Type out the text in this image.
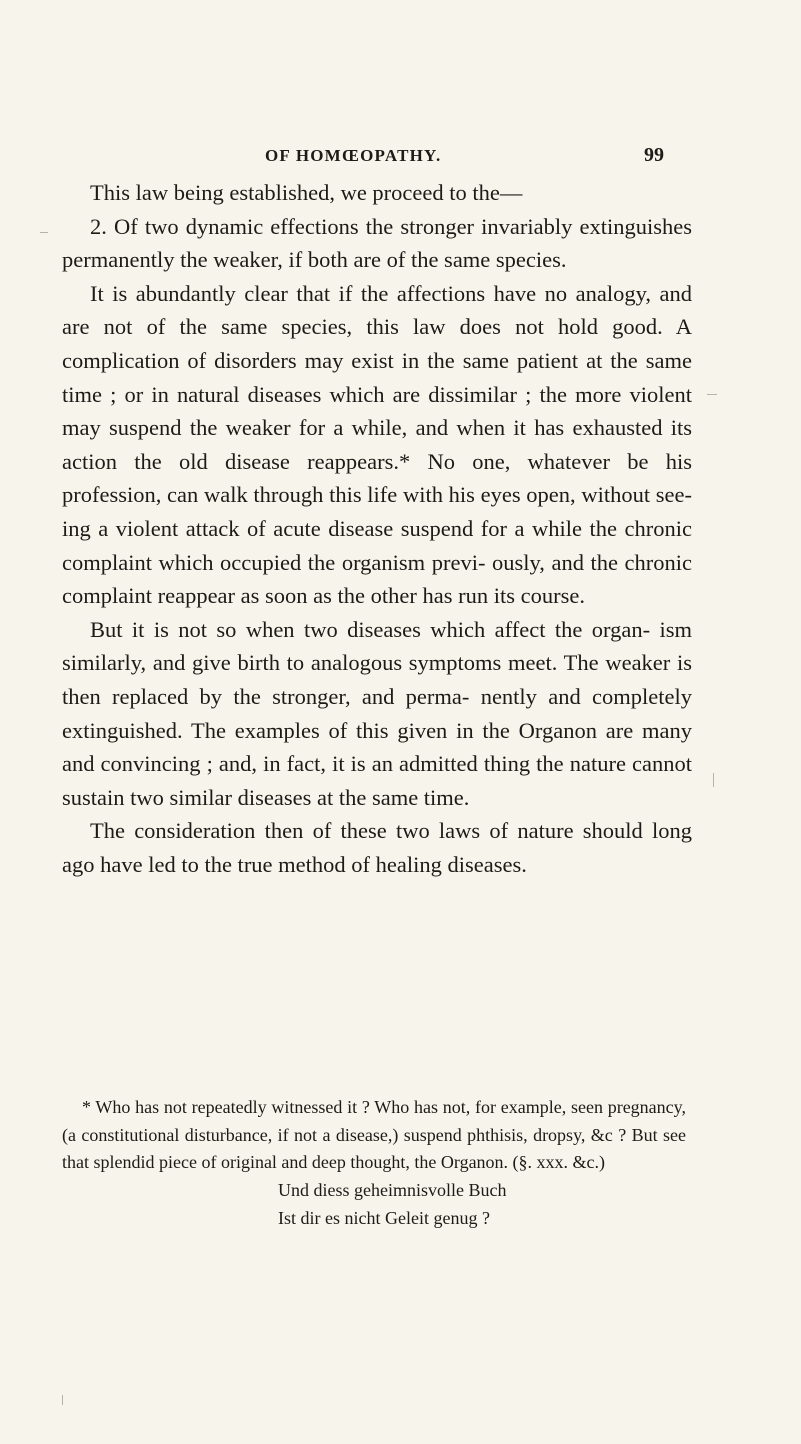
OF HOMŒOPATHY.	99

This law being established, we proceed to the—

2. Of two dynamic effections the stronger invariably extinguishes permanently the weaker, if both are of the same species.

It is abundantly clear that if the affections have no analogy, and are not of the same species, this law does not hold good. A complication of disorders may exist in the same patient at the same time ; or in natural diseases which are dissimilar ; the more violent may suspend the weaker for a while, and when it has exhausted its action the old disease reappears.* No one, whatever be his profession, can walk through this life with his eyes open, without see- ing a violent attack of acute disease suspend for a while the chronic complaint which occupied the organism previ- ously, and the chronic complaint reappear as soon as the other has run its course.

But it is not so when two diseases which affect the organ- ism similarly, and give birth to analogous symptoms meet. The weaker is then replaced by the stronger, and perma- nently and completely extinguished. The examples of this given in the Organon are many and convincing ; and, in fact, it is an admitted thing the nature cannot sustain two similar diseases at the same time.

The consideration then of these two laws of nature should long ago have led to the true method of healing diseases.

* Who has not repeatedly witnessed it ? Who has not, for example, seen pregnancy, (a constitutional disturbance, if not a disease,) suspend phthisis, dropsy, &c ? But see that splendid piece of original and deep thought, the Organon. (§. xxx. &c.)

Und diess geheimnisvolle Buch
Ist dir es nicht Geleit genug ?
